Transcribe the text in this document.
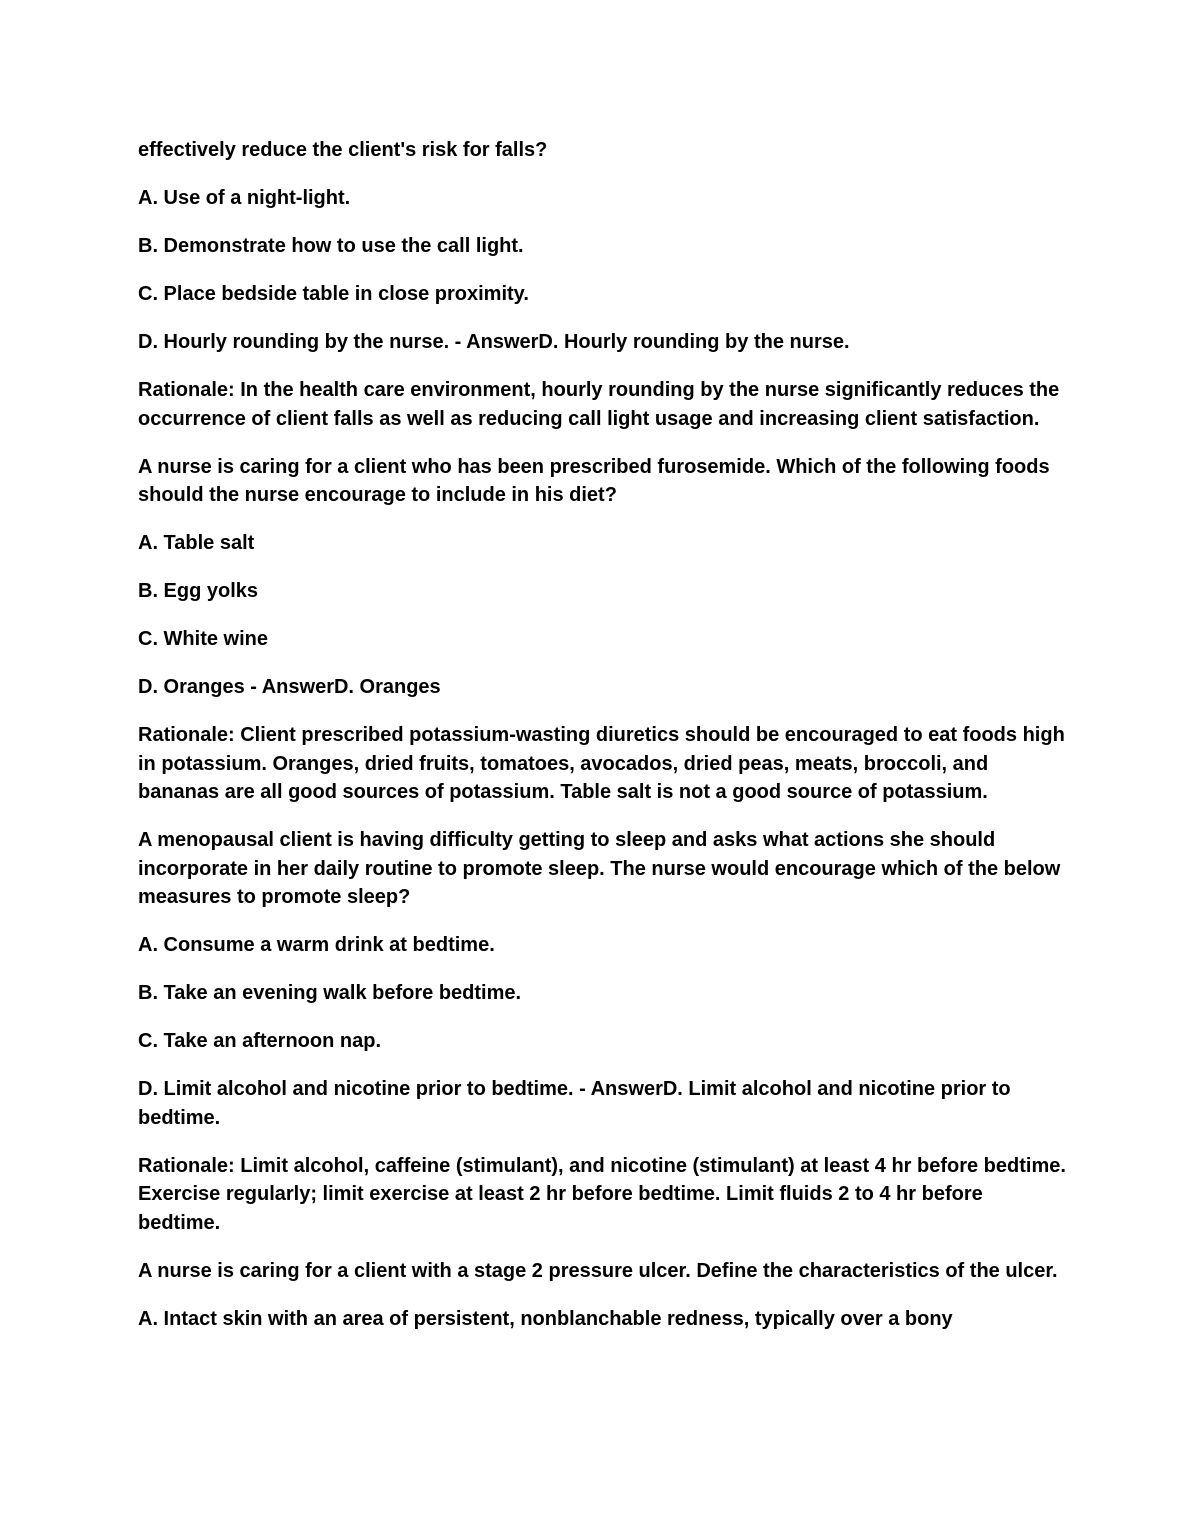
effectively reduce the client's risk for falls?

A. Use of a night-light.

B. Demonstrate how to use the call light.

C. Place bedside table in close proximity.

D. Hourly rounding by the nurse. - AnswerD. Hourly rounding by the nurse.

Rationale: In the health care environment, hourly rounding by the nurse significantly reduces the occurrence of client falls as well as reducing call light usage and increasing client satisfaction.

A nurse is caring for a client who has been prescribed furosemide. Which of the following foods should the nurse encourage to include in his diet?

A. Table salt

B. Egg yolks

C. White wine

D. Oranges - AnswerD. Oranges

Rationale: Client prescribed potassium-wasting diuretics should be encouraged to eat foods high in potassium. Oranges, dried fruits, tomatoes, avocados, dried peas, meats, broccoli, and bananas are all good sources of potassium. Table salt is not a good source of potassium.

A menopausal client is having difficulty getting to sleep and asks what actions she should incorporate in her daily routine to promote sleep. The nurse would encourage which of the below measures to promote sleep?

A. Consume a warm drink at bedtime.

B. Take an evening walk before bedtime.

C. Take an afternoon nap.

D. Limit alcohol and nicotine prior to bedtime. - AnswerD. Limit alcohol and nicotine prior to bedtime.

Rationale: Limit alcohol, caffeine (stimulant), and nicotine (stimulant) at least 4 hr before bedtime. Exercise regularly; limit exercise at least 2 hr before bedtime. Limit fluids 2 to 4 hr before bedtime.

A nurse is caring for a client with a stage 2 pressure ulcer. Define the characteristics of the ulcer.

A. Intact skin with an area of persistent, nonblanchable redness, typically over a bony
